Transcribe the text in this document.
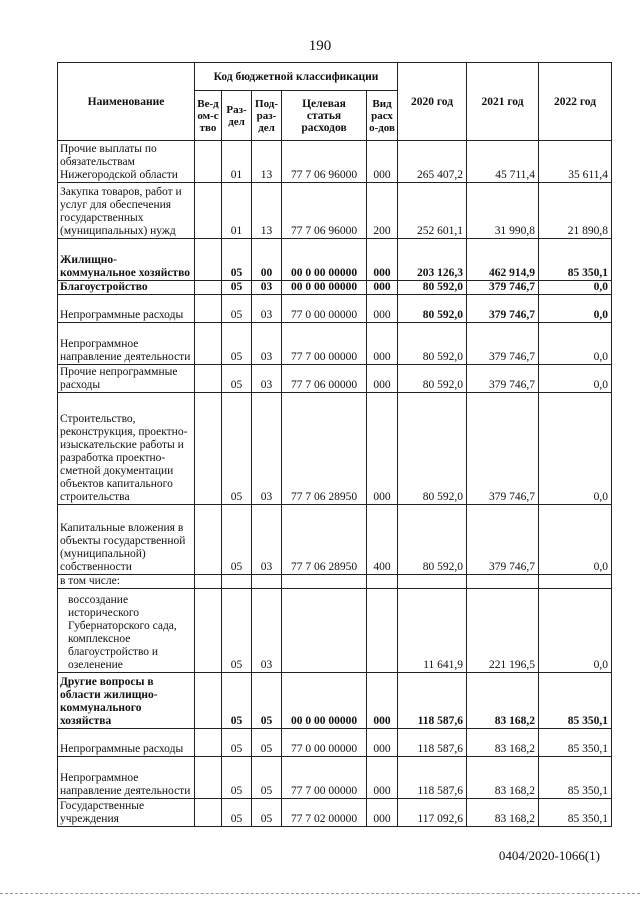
190
Наименование	Код бюджетной классификации					2020 год	2021 год	2022 год
	Ве-дом-ство	Раз-дел	Под-раз-дел	Целевая статья расходов	Вид расхо-дов			
Прочие выплаты по обязательствам Нижегородской области		01	13	77 7 06 96000	000	265 407,2	45 711,4	35 611,4
Закупка товаров, работ и услуг для обеспечения государственных (муниципальных) нужд		01	13	77 7 06 96000	200	252 601,1	31 990,8	21 890,8
Жилищно-коммунальное хозяйство		05	00	00 0 00 00000	000	203 126,3	462 914,9	85 350,1
Благоустройство		05	03	00 0 00 00000	000	80 592,0	379 746,7	0,0
Непрограммные расходы		05	03	77 0 00 00000	000	80 592,0	379 746,7	0,0
Непрограммное направление деятельности		05	03	77 7 00 00000	000	80 592,0	379 746,7	0,0
Прочие непрограммные расходы		05	03	77 7 06 00000	000	80 592,0	379 746,7	0,0
Строительство, реконструкция, проектно-изыскательские работы и разработка проектно-сметной документации объектов капитального строительства		05	03	77 7 06 28950	000	80 592,0	379 746,7	0,0
Капитальные вложения в объекты государственной (муниципальной) собственности		05	03	77 7 06 28950	400	80 592,0	379 746,7	0,0
в том числе:								
воссоздание исторического Губернаторского сада, комплексное благоустройство и озеленение		05	03			11 641,9	221 196,5	0,0
Другие вопросы в области жилищно-коммунального хозяйства		05	05	00 0 00 00000	000	118 587,6	83 168,2	85 350,1
Непрограммные расходы		05	05	77 0 00 00000	000	118 587,6	83 168,2	85 350,1
Непрограммное направление деятельности		05	05	77 7 00 00000	000	118 587,6	83 168,2	85 350,1
Государственные учреждения		05	05	77 7 02 00000	000	117 092,6	83 168,2	85 350,1
0404/2020-1066(1)
